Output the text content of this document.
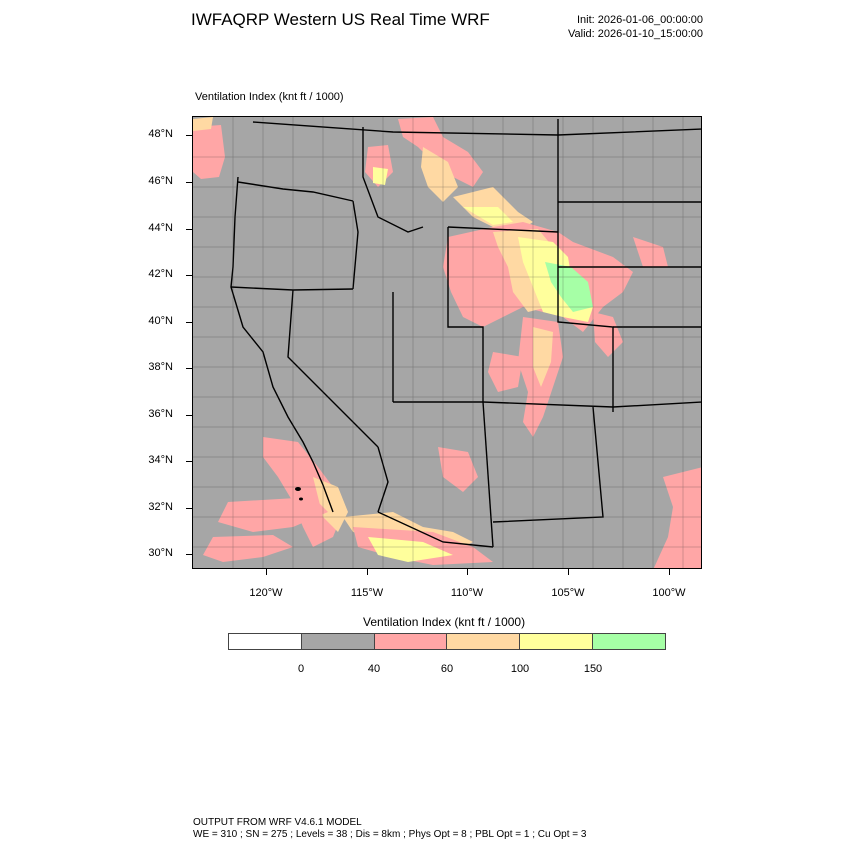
IWFAQRP Western US Real Time WRF	Init: 2026-01-06_00:00:00
Valid: 2026-01-10_15:00:00
Ventilation Index (knt ft / 1000)
48°N
46°N
44°N
42°N
40°N
38°N
36°N
34°N
32°N
30°N
120°W	115°W	110°W	105°W	100°W
Ventilation Index (knt ft / 1000)
0	40	60	100	150
OUTPUT FROM WRF V4.6.1 MODEL
WE = 310 ; SN = 275 ; Levels = 38 ; Dis = 8km ; Phys Opt = 8 ; PBL Opt = 1 ; Cu Opt = 3
